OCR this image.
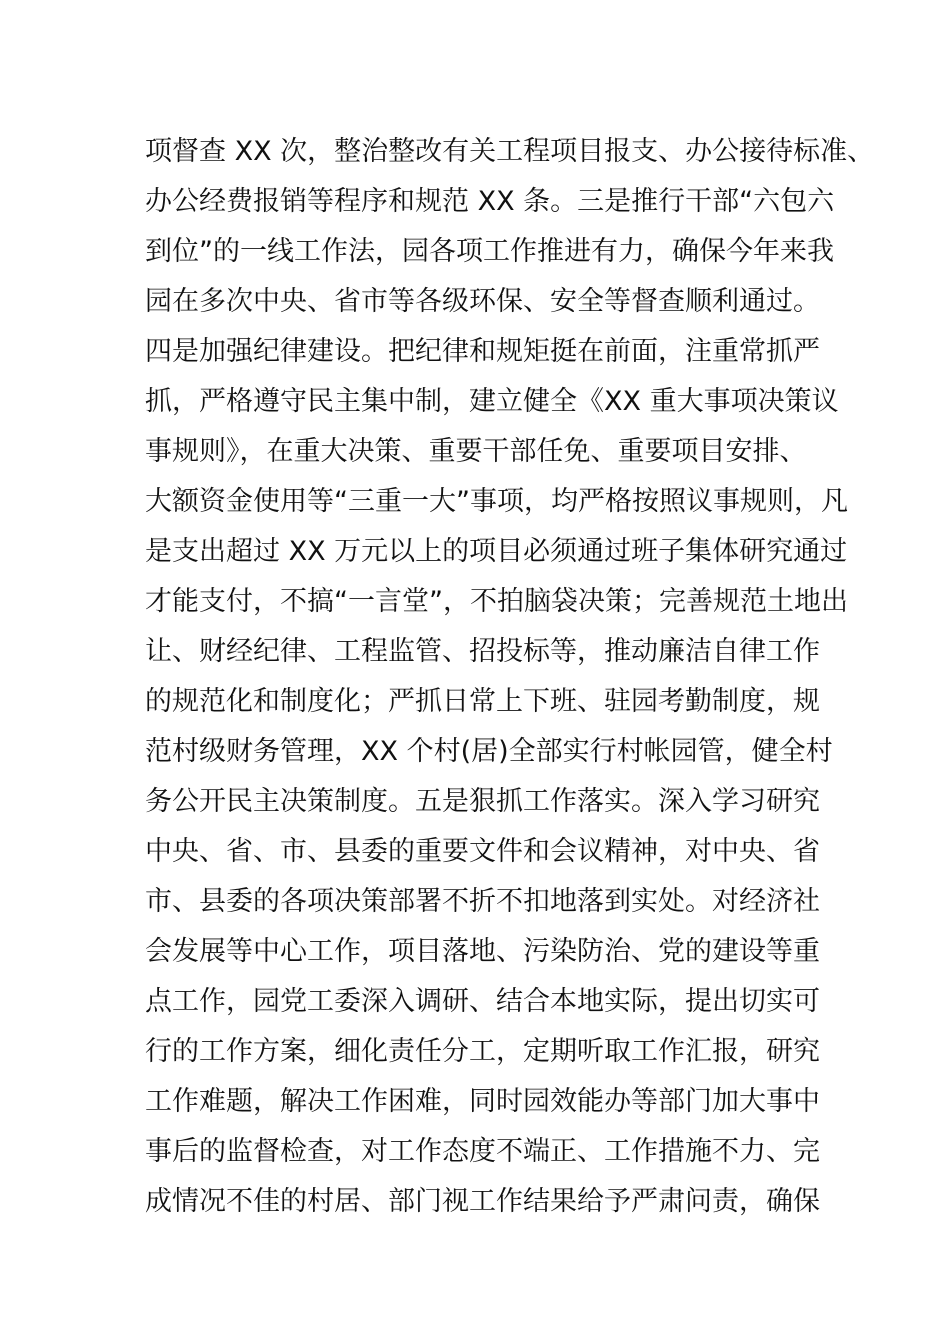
项督查 XX 次，整治整改有关工程项目报支、办公接待标准、
办公经费报销等程序和规范 XX 条。三是推行干部“六包六
到位”的一线工作法，园各项工作推进有力，确保今年来我
园在多次中央、省市等各级环保、安全等督查顺利通过。
四是加强纪律建设。把纪律和规矩挺在前面，注重常抓严
抓，严格遵守民主集中制，建立健全《XX 重大事项决策议
事规则》，在重大决策、重要干部任免、重要项目安排、
大额资金使用等“三重一大”事项，均严格按照议事规则，凡
是支出超过 XX 万元以上的项目必须通过班子集体研究通过
才能支付，不搞“一言堂”，不拍脑袋决策；完善规范土地出
让、财经纪律、工程监管、招投标等，推动廉洁自律工作
的规范化和制度化；严抓日常上下班、驻园考勤制度，规
范村级财务管理，XX 个村(居)全部实行村帐园管，健全村
务公开民主决策制度。五是狠抓工作落实。深入学习研究
中央、省、市、县委的重要文件和会议精神，对中央、省
市、县委的各项决策部署不折不扣地落到实处。对经济社
会发展等中心工作，项目落地、污染防治、党的建设等重
点工作，园党工委深入调研、结合本地实际，提出切实可
行的工作方案，细化责任分工，定期听取工作汇报，研究
工作难题，解决工作困难，同时园效能办等部门加大事中
事后的监督检查，对工作态度不端正、工作措施不力、完
成情况不佳的村居、部门视工作结果给予严肃问责，确保
